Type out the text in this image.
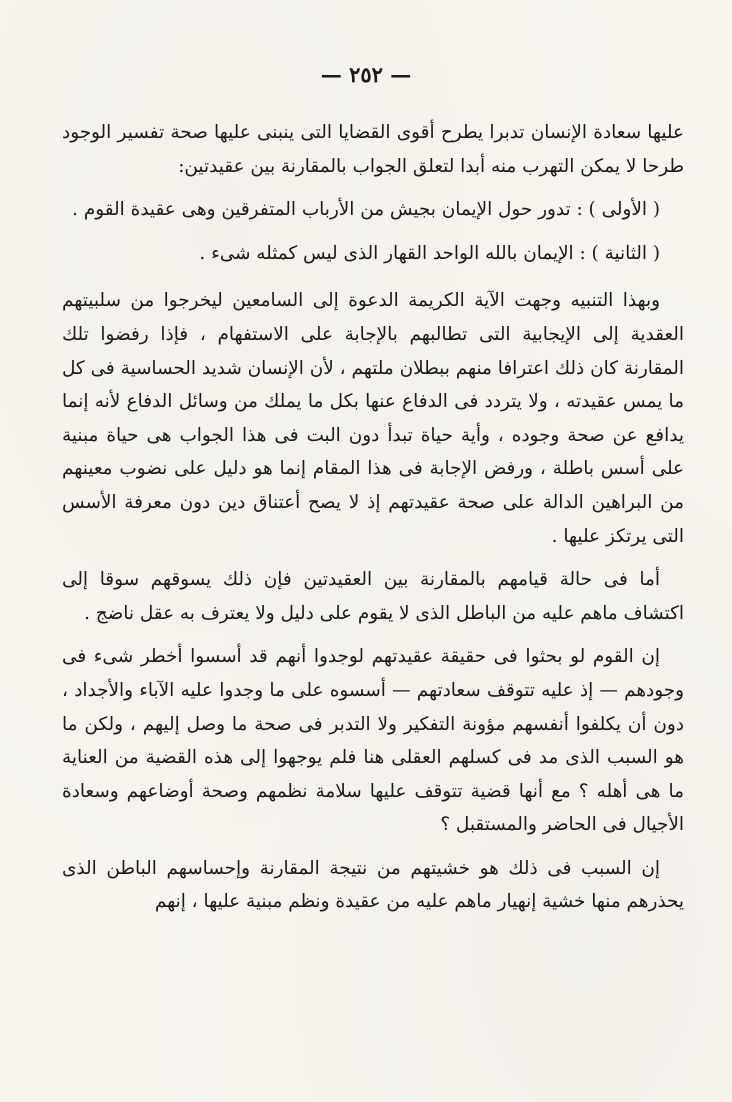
— ٢٥٢ —

عليها سعادة الإنسان تدبرا يطرح أقوى القضايا التى ينبنى عليها صحة تفسير الوجود طرحا لا يمكن التهرب منه أبدا لتعلق الجواب بالمقارنة بين عقيدتين:

( الأولى ) : تدور حول الإيمان بجيش من الأرباب المتفرقين وهى عقيدة القوم .

( الثانية ) : الإيمان بالله الواحد القهار الذى ليس كمثله شىء .

وبهذا التنبيه وجهت الآية الكريمة الدعوة إلى السامعين ليخرجوا من سلبيتهم العقدية إلى الإيجابية التى تطالبهم بالإجابة على الاستفهام ، فإذا رفضوا تلك المقارنة كان ذلك اعترافا منهم ببطلان ملتهم ، لأن الإنسان شديد الحساسية فى كل ما يمس عقيدته ، ولا يتردد فى الدفاع عنها بكل ما يملك من وسائل الدفاع لأنه إنما يدافع عن صحة وجوده ، وأية حياة تبدأ دون البت فى هذا الجواب هى حياة مبنية على أسس باطلة ، ورفض الإجابة فى هذا المقام إنما هو دليل على نضوب معينهم من البراهين الدالة على صحة عقيدتهم إذ لا يصح أعتناق دين دون معرفة الأسس التى يرتكز عليها .

أما فى حالة قيامهم بالمقارنة بين العقيدتين فإن ذلك يسوقهم سوقا إلى اكتشاف ماهم عليه من الباطل الذى لا يقوم على دليل ولا يعترف به عقل ناضج .

إن القوم لو بحثوا فى حقيقة عقيدتهم لوجدوا أنهم قد أسسوا أخطر شىء فى وجودهم — إذ عليه تتوقف سعادتهم — أسسوه على ما وجدوا عليه الآباء والأجداد ، دون أن يكلفوا أنفسهم مؤونة التفكير ولا التدبر فى صحة ما وصل إليهم ، ولكن ما هو السبب الذى مد فى كسلهم العقلى هنا فلم يوجهوا إلى هذه القضية من العناية ما هى أهله ؟ مع أنها قضية تتوقف عليها سلامة نظمهم وصحة أوضاعهم وسعادة الأجيال فى الحاضر والمستقبل ؟

إن السبب فى ذلك هو خشيتهم من نتيجة المقارنة وإحساسهم الباطن الذى يحذرهم منها خشية إنهيار ماهم عليه من عقيدة ونظم مبنية عليها ، إنهم
